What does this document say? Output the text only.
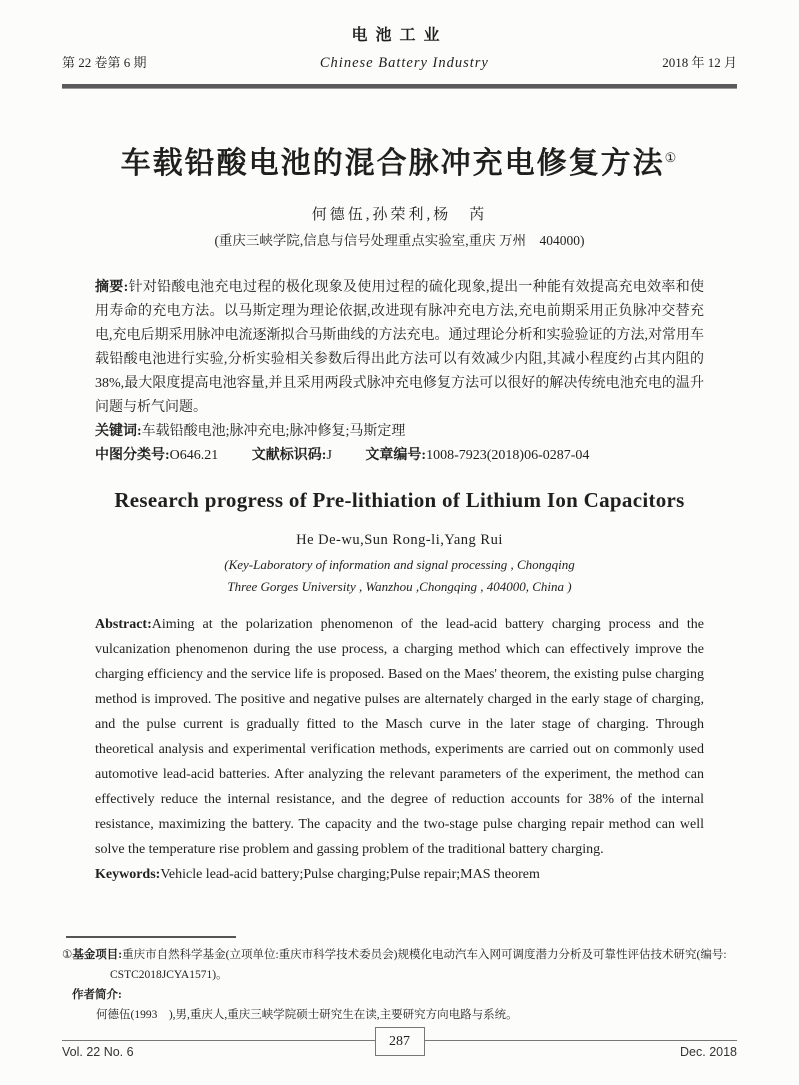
电池工业
第 22 卷第 6 期	Chinese Battery Industry	2018 年 12 月
车载铅酸电池的混合脉冲充电修复方法①
何德伍,孙荣利,杨　芮
(重庆三峡学院,信息与信号处理重点实验室,重庆 万州　404000)

摘要:针对铅酸电池充电过程的极化现象及使用过程的硫化现象,提出一种能有效提高充电效率和使用寿命的充电方法。以马斯定理为理论依据,改进现有脉冲充电方法,充电前期采用正负脉冲交替充电,充电后期采用脉冲电流逐渐拟合马斯曲线的方法充电。通过理论分析和实验验证的方法,对常用车载铅酸电池进行实验,分析实验相关参数后得出此方法可以有效减少内阻,其减小程度约占其内阻的 38%,最大限度提高电池容量,并且采用两段式脉冲充电修复方法可以很好的解决传统电池充电的温升问题与析气问题。

关键词:车载铅酸电池;脉冲充电;脉冲修复;马斯定理

中图分类号:O646.21 文献标识码:J 文章编号:1008-7923(2018)06-0287-04

Research progress of Pre-lithiation of Lithium Ion Capacitors
He De-wu,Sun Rong-li,Yang Rui
(Key-Laboratory of information and signal processing , Chongqing
Three Gorges University , Wanzhou ,Chongqing , 404000, China )

Abstract:Aiming at the polarization phenomenon of the lead-acid battery charging process and the vulcanization phenomenon during the use process, a charging method which can effectively improve the charging efficiency and the service life is proposed. Based on the Maes' theorem, the existing pulse charging method is improved. The positive and negative pulses are alternately charged in the early stage of charging, and the pulse current is gradually fitted to the Masch curve in the later stage of charging. Through theoretical analysis and experimental verification methods, experiments are carried out on commonly used automotive lead-acid batteries. After analyzing the relevant parameters of the experiment, the method can effectively reduce the internal resistance, and the degree of reduction accounts for 38% of the internal resistance, maximizing the battery. The capacity and the two-stage pulse charging repair method can well solve the temperature rise problem and gassing problem of the traditional battery charging.

Keywords:Vehicle lead-acid battery;Pulse charging;Pulse repair;MAS theorem

①基金项目:重庆市自然科学基金(立项单位:重庆市科学技术委员会)规模化电动汽车入网可调度潜力分析及可靠性评估技术研究(编号:

CSTC2018JCYA1571)。

作者简介:

何德伍(1993　),男,重庆人,重庆三峡学院硕士研究生在读,主要研究方向电路与系统。

287
Vol. 22 No. 6	Dec. 2018
